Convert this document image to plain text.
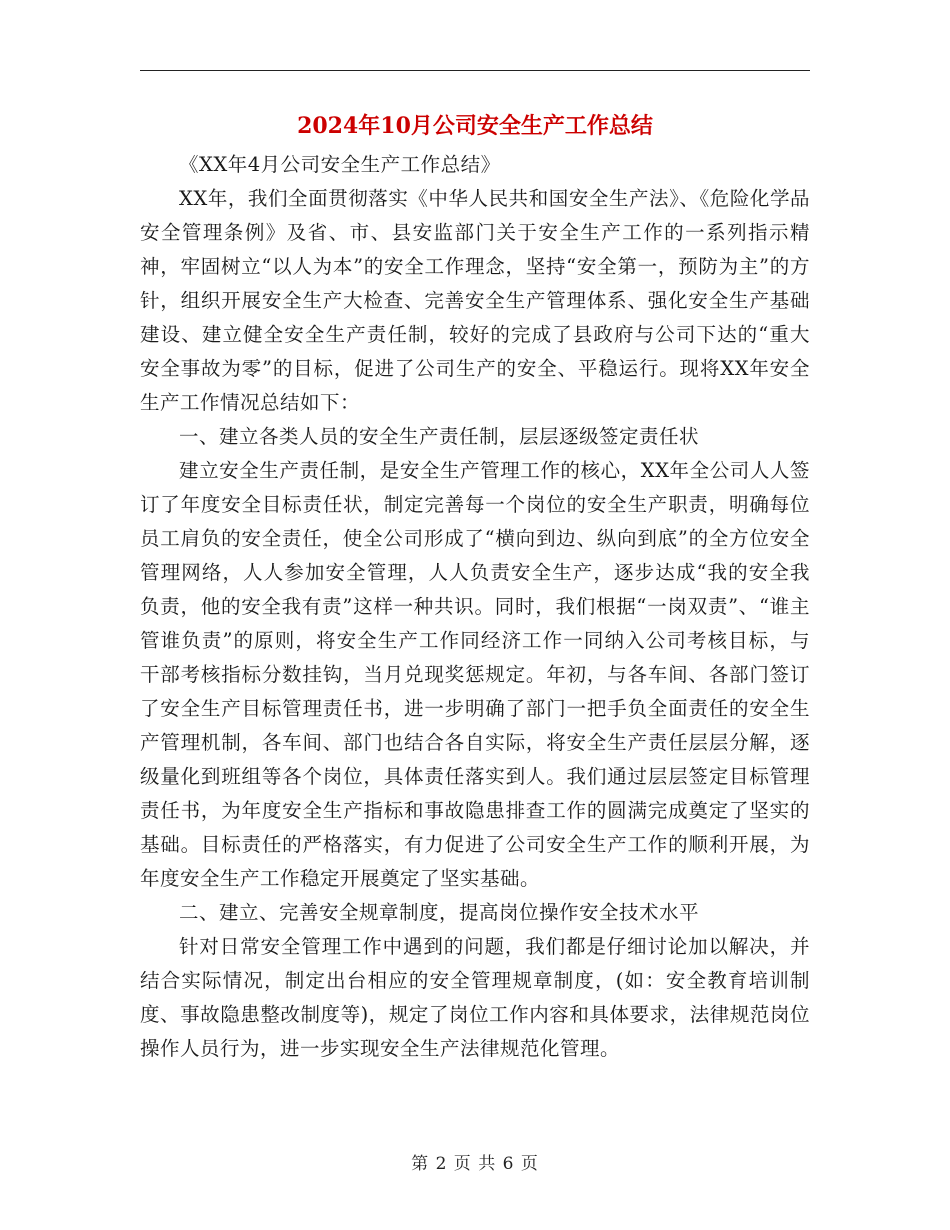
2024年10月公司安全生产工作总结

《XX年4月公司安全生产工作总结》

XX年，我们全面贯彻落实《中华人民共和国安全生产法》、《危险化学品安全管理条例》及省、市、县安监部门关于安全生产工作的一系列指示精神，牢固树立“以人为本”的安全工作理念，坚持“安全第一，预防为主”的方针，组织开展安全生产大检查、完善安全生产管理体系、强化安全生产基础建设、建立健全安全生产责任制，较好的完成了县政府与公司下达的“重大安全事故为零”的目标，促进了公司生产的安全、平稳运行。现将XX年安全生产工作情况总结如下：

一、建立各类人员的安全生产责任制，层层逐级签定责任状

建立安全生产责任制，是安全生产管理工作的核心，XX年全公司人人签订了年度安全目标责任状，制定完善每一个岗位的安全生产职责，明确每位员工肩负的安全责任，使全公司形成了“横向到边、纵向到底”的全方位安全管理网络，人人参加安全管理，人人负责安全生产，逐步达成“我的安全我负责，他的安全我有责”这样一种共识。同时，我们根据“一岗双责”、“谁主管谁负责”的原则，将安全生产工作同经济工作一同纳入公司考核目标，与干部考核指标分数挂钩，当月兑现奖惩规定。年初，与各车间、各部门签订了安全生产目标管理责任书，进一步明确了部门一把手负全面责任的安全生产管理机制，各车间、部门也结合各自实际，将安全生产责任层层分解，逐级量化到班组等各个岗位，具体责任落实到人。我们通过层层签定目标管理责任书，为年度安全生产指标和事故隐患排查工作的圆满完成奠定了坚实的基础。目标责任的严格落实，有力促进了公司安全生产工作的顺利开展，为年度安全生产工作稳定开展奠定了坚实基础。

二、建立、完善安全规章制度，提高岗位操作安全技术水平

针对日常安全管理工作中遇到的问题，我们都是仔细讨论加以解决，并结合实际情况，制定出台相应的安全管理规章制度，(如：安全教育培训制度、事故隐患整改制度等)，规定了岗位工作内容和具体要求，法律规范岗位操作人员行为，进一步实现安全生产法律规范化管理。

第 2 页 共 6 页
